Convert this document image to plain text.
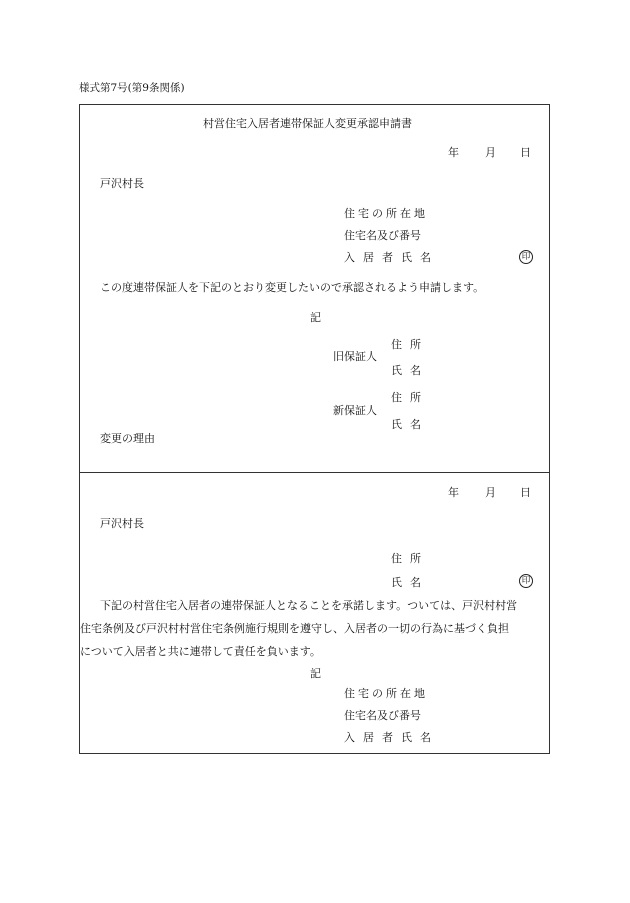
様式第7号(第9条関係)
村営住宅入居者連帯保証人変更承認申請書
年 月 日
戸沢村長
住宅の所在地
住宅名及び番号
入居者氏名	印
この度連帯保証人を下記のとおり変更したいので承認されるよう申請します。
記
住所
旧保証人
氏名
住所
新保証人
氏名
変更の理由
年 月 日
戸沢村長
住所
氏名	印
下記の村営住宅入居者の連帯保証人となることを承諾します。ついては、戸沢村村営
住宅条例及び戸沢村村営住宅条例施行規則を遵守し、入居者の一切の行為に基づく負担
について入居者と共に連帯して責任を負います。
記
住宅の所在地
住宅名及び番号
入居者氏名
